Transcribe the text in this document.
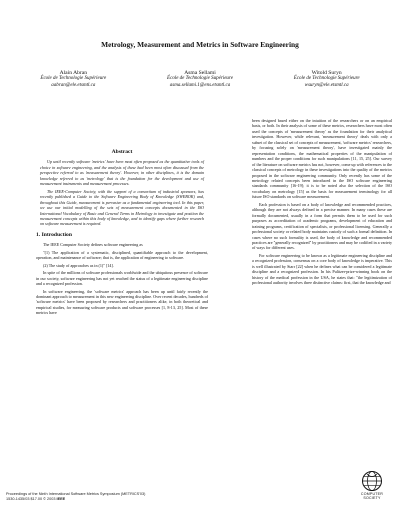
Metrology, Measurement and Metrics in Software Engineering
Alain Abran
École de Technologie Supérieure
aabran@ele.etsmtl.ca
Asma Sellami
École de Technologie Supérieure
asma.sellami.1@ens.etsmtl.ca
Witold Suryn
École de Technologie Supérieure
wsuryn@ele.etsmtl.ca
Abstract

Up until recently software 'metrics' have been most often proposed as the quantitative tools of choice in software engineering, and the analysis of these had been most often discussed from the perspective referred to as 'measurement theory'. However, in other disciplines, it is the domain knowledge referred to as 'metrology' that is the foundation for the development and use of measurement instruments and measurement processes.

The IEEE-Computer Society, with the support of a consortium of industrial sponsors, has recently published a Guide to the Software Engineering Body of Knowledge (SWEBOK) and, throughout this Guide, measurement is pervasive as a fundamental engineering tool. In this paper, we use our initial modelling of the sets of measurement concepts documented in the ISO International Vocabulary of Basic and General Terms in Metrology to investigate and position the measurement concepts within this body of knowledge, and to identify gaps where further research on software measurement is required.

1. Introduction

The IEEE Computer Society defines software engineering as

"(1) The application of a systematic, disciplined, quantifiable approach to the development, operation, and maintenance of software; that is, the application of engineering to software.

(2) The study of approaches as in (1)" [14].

In spite of the millions of software professionals worldwide and the ubiquitous presence of software in our society, software engineering has not yet reached the status of a legitimate engineering discipline and a recognized profession.

In software engineering, the 'software metrics' approach has been up until fairly recently the dominant approach to measurement in this new engineering discipline. Over recent decades, hundreds of 'software metrics' have been proposed by researchers and practitioners alike, in both theoretical and empirical studies, for measuring software products and software processes [1, 8-13, 25]. Most of these metrics have

been designed based either on the intuition of the researchers or on an empirical basis, or both. In their analysis of some of these metrics, researchers have most often used the concepts of 'measurement theory' as the foundation for their analytical investigation. However, while relevant, 'measurement theory' deals with only a subset of the classical set of concepts of measurement, 'software metrics' researchers, by focusing solely on 'measurement theory', have investigated mainly the representation conditions, the mathematical properties of the manipulation of numbers and the proper conditions for such manipulations [11, 15, 25]. Our survey of the literature on software metrics has not, however, come up with references to the classical concepts of metrology in these investigations into the quality of the metrics proposed in the software engineering community. Only recently has some of the metrology related concepts been introduced in the ISO software engineering standards community [16-19]; it is to be noted also the selection of the ISO vocabulary on metrology [15] as the basis for measurement terminology for all future ISO standards on software measurement.

Each profession is based on a body of knowledge and recommended practices, although they are not always defined in a precise manner. In many cases these are formally documented, usually in a form that permits them to be used for such purposes as accreditation of academic programs, development of education and training programs, certification of specialists, or professional licensing. Generally a professional society or related body maintains custody of such a formal definition. In cases where no such formality is used, the body of knowledge and recommended practices are "generally recognized" by practitioners and may be codified in a variety of ways for different uses.

For software engineering to be known as a legitimate engineering discipline and a recognized profession, consensus on a core body of knowledge is imperative. This is well illustrated by Starr [22] when he defines what can be considered a legitimate discipline and a recognized profession. In his Pulitzer-prize-winning book on the history of the medical profession in the USA, he states that: "the legitimization of professional authority involves three distinctive claims: first, that the knowledge and

Proceedings of the Ninth International Software Metrics Symposium (METRICS'03)
1530-1435/03 $17.00 © 2003 IEEE
COMPUTER
SOCIETY
